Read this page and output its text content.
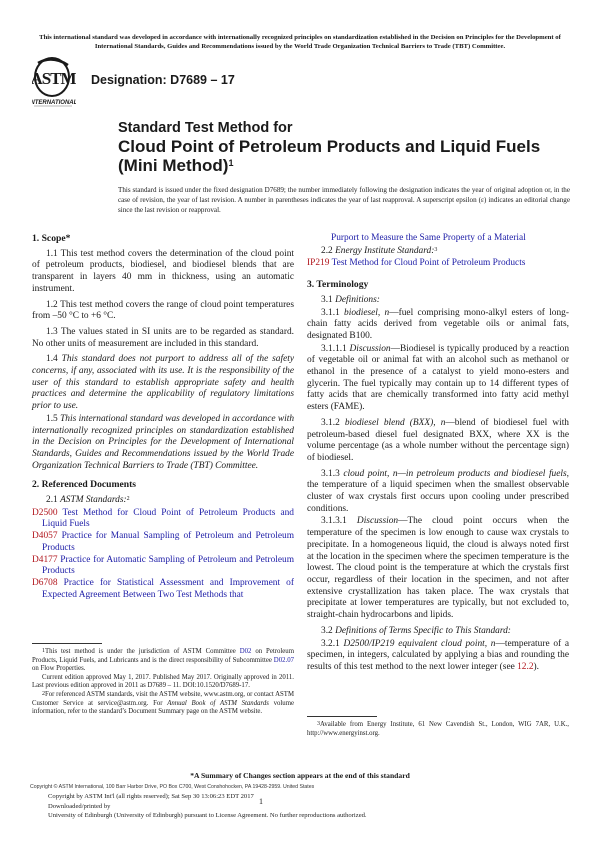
This international standard was developed in accordance with internationally recognized principles on standardization established in the Decision on Principles for the Development of International Standards, Guides and Recommendations issued by the World Trade Organization Technical Barriers to Trade (TBT) Committee.
ASTM
INTERNATIONAL
Designation: D7689 – 17
Standard Test Method for
Cloud Point of Petroleum Products and Liquid Fuels (Mini Method)$^1$
This standard is issued under the fixed designation D7689; the number immediately following the designation indicates the year of original adoption or, in the case of revision, the year of last revision. A number in parentheses indicates the year of last reapproval. A superscript epsilon (ε) indicates an editorial change since the last revision or reapproval.
1. Scope*

1.1 This test method covers the determination of the cloud point of petroleum products, biodiesel, and biodiesel blends that are transparent in layers 40 mm in thickness, using an automatic instrument.

1.2 This test method covers the range of cloud point temperatures from –50 °C to +6 °C.

1.3 The values stated in SI units are to be regarded as standard. No other units of measurement are included in this standard.

1.4 This standard does not purport to address all of the safety concerns, if any, associated with its use. It is the responsibility of the user of this standard to establish appropriate safety and health practices and determine the applicability of regulatory limitations prior to use.

1.5 This international standard was developed in accordance with internationally recognized principles on standardization established in the Decision on Principles for the Development of International Standards, Guides and Recommendations issued by the World Trade Organization Technical Barriers to Trade (TBT) Committee.

2. Referenced Documents

2.1 ASTM Standards:$^2$

D2500 Test Method for Cloud Point of Petroleum Products and Liquid Fuels

D4057 Practice for Manual Sampling of Petroleum and Petroleum Products

D4177 Practice for Automatic Sampling of Petroleum and Petroleum Products

D6708 Practice for Statistical Assessment and Improvement of Expected Agreement Between Two Test Methods that

1This test method is under the jurisdiction of ASTM Committee D02 on Petroleum Products, Liquid Fuels, and Lubricants and is the direct responsibility of Subcommittee D02.07 on Flow Properties.

Current edition approved May 1, 2017. Published May 2017. Originally approved in 2011. Last previous edition approved in 2011 as D7689 – 11. DOI:10.1520/D7689-17.

2For referenced ASTM standards, visit the ASTM website, www.astm.org, or contact ASTM Customer Service at service@astm.org. For Annual Book of ASTM Standards volume information, refer to the standard’s Document Summary page on the ASTM website.

Purport to Measure the Same Property of a Material

2.2 Energy Institute Standard:$^3$

IP219 Test Method for Cloud Point of Petroleum Products

3. Terminology

3.1 Definitions:

3.1.1 biodiesel, n—fuel comprising mono-alkyl esters of long-chain fatty acids derived from vegetable oils or animal fats, designated B100.

3.1.1.1 Discussion—Biodiesel is typically produced by a reaction of vegetable oil or animal fat with an alcohol such as methanol or ethanol in the presence of a catalyst to yield mono-esters and glycerin. The fuel typically may contain up to 14 different types of fatty acids that are chemically transformed into fatty acid methyl esters (FAME).

3.1.2 biodiesel blend (BXX), n—blend of biodiesel fuel with petroleum-based diesel fuel designated BXX, where XX is the volume percentage (as a whole number without the percentage sign) of biodiesel.

3.1.3 cloud point, n—in petroleum products and biodiesel fuels, the temperature of a liquid specimen when the smallest observable cluster of wax crystals first occurs upon cooling under prescribed conditions.

3.1.3.1 Discussion—The cloud point occurs when the temperature of the specimen is low enough to cause wax crystals to precipitate. In a homogeneous liquid, the cloud is always noted first at the location in the specimen where the specimen temperature is the lowest. The cloud point is the temperature at which the crystals first occur, regardless of their location in the specimen, and not after extensive crystallization has taken place. The wax crystals that precipitate at lower temperatures are typically, but not excluded to, straight-chain hydrocarbons and lipids.

3.2 Definitions of Terms Specific to This Standard:

3.2.1 D2500/IP219 equivalent cloud point, n—temperature of a specimen, in integers, calculated by applying a bias and rounding the results of this test method to the next lower integer (see 12.2).

3Available from Energy Institute, 61 New Cavendish St., London, WIG 7AR, U.K., http://www.energyinst.org.

*A Summary of Changes section appears at the end of this standard
Copyright © ASTM International, 100 Barr Harbor Drive, PO Box C700, West Conshohocken, PA 19428-2959. United States
Copyright by ASTM Int'l (all rights reserved); Sat Sep 30 13:06:23 EDT 2017
Downloaded/printed by
University of Edinburgh (University of Edinburgh) pursuant to License Agreement. No further reproductions authorized.
1
